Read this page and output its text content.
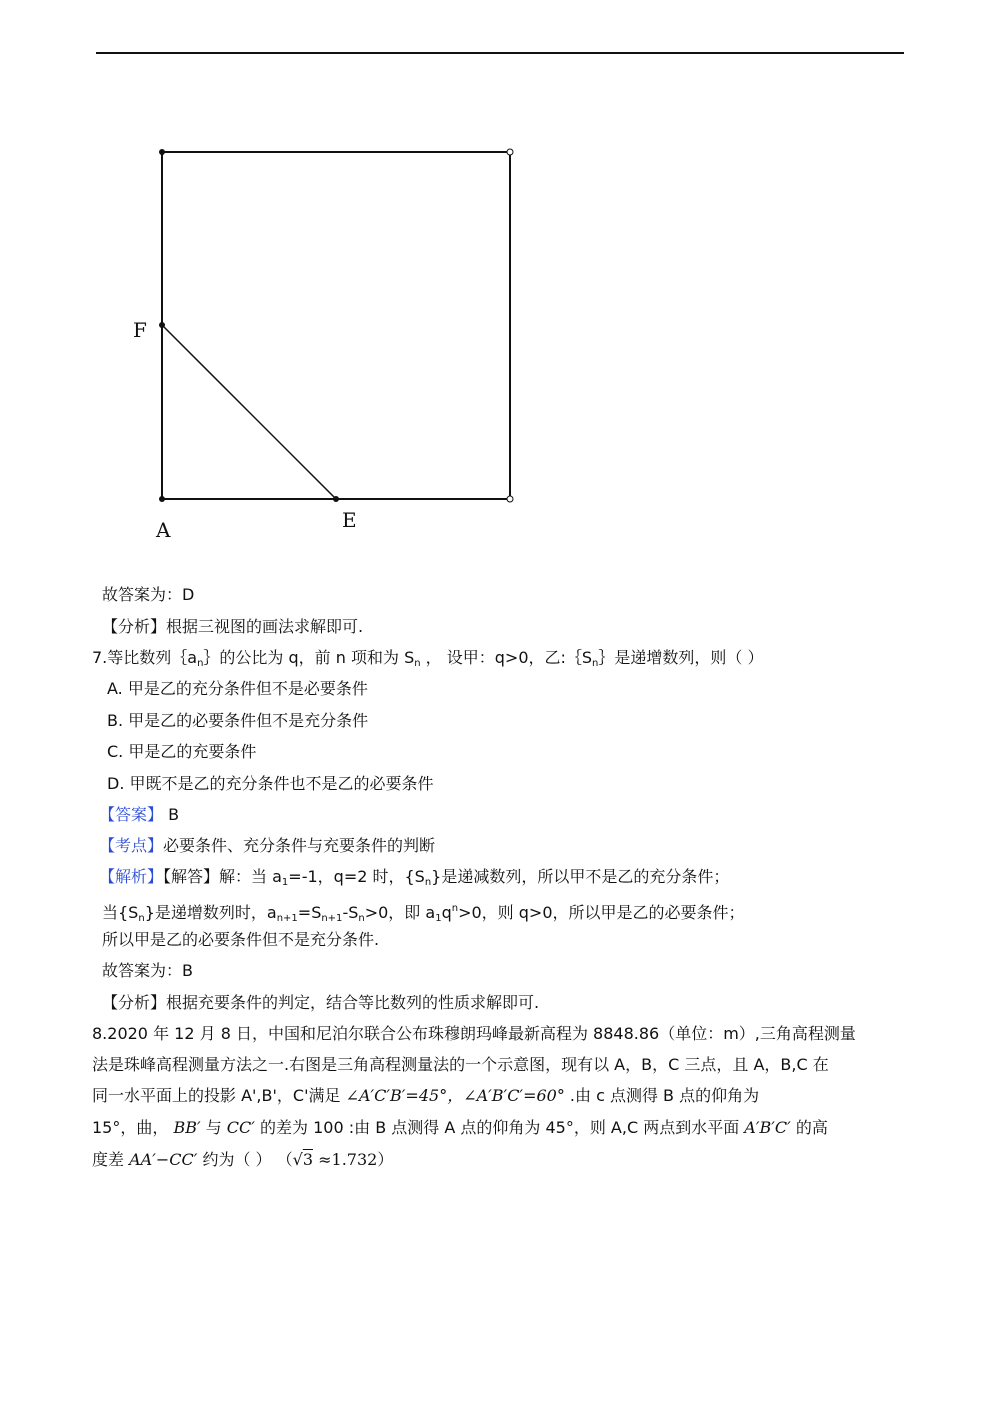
F
A	E
故答案为：D
【分析】根据三视图的画法求解即可.
7.等比数列$\{a_n\}$的公比为 q，前 n 项和为 $S_n$ ， 设甲：q>0，乙$:\{S_n\}$是递增数列，则（ ）
A. 甲是乙的充分条件但不是必要条件
B. 甲是乙的必要条件但不是充分条件
C. 甲是乙的充要条件
D. 甲既不是乙的充分条件也不是乙的必要条件
【答案】 B
【考点】必要条件、充分条件与充要条件的判断
【解析】【解答】解：当 $a_1=-1$，q=2 时，$\{S_n\}$是递减数列，所以甲不是乙的充分条件；
当$\{S_n\}$是递增数列时，$a_{n+1}=S_{n+1}-S_n>0$，即 $a_1q^n>0$，则 q>0，所以甲是乙的必要条件；
所以甲是乙的必要条件但不是充分条件.
故答案为：B
【分析】根据充要条件的判定，结合等比数列的性质求解即可.
8.2020 年 12 月 8 日，中国和尼泊尔联合公布珠穆朗玛峰最新高程为 8848.86（单位：m）,三角高程测量
法是珠峰高程测量方法之一.右图是三角高程测量法的一个示意图，现有以 A，B，C 三点，且 A，B,C 在
同一水平面上的投影 A',B'，C'满足 ∠A′C′B′=45°，∠A′B′C′=60° .由 c 点测得 B 点的仰角为
15°，曲， BB′ 与 CC′ 的差为 100 :由 B 点测得 A 点的仰角为 45°，则 A,C 两点到水平面 A′B′C′ 的高
度差 AA′−CC′ 约为（ ） （√3 ≈1.732）
